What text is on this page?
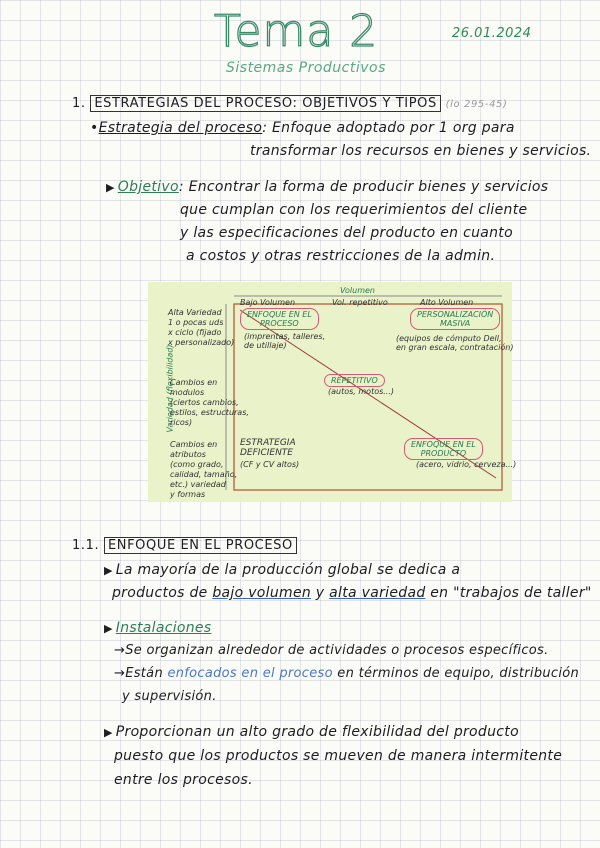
Tema 2
Sistemas Productivos
26.01.2024
1. ESTRATEGIAS DEL PROCESO: OBJETIVOS Y TIPOS (lo 295-45)
•Estrategia del proceso: Enfoque adoptado por 1 org para
transformar los recursos en bienes y servicios.
▶ Objetivo: Encontrar la forma de producir bienes y servicios
que cumplan con los requerimientos del cliente
y las especificaciones del producto en cuanto
a costos y otras restricciones de la admin.
Volumen
Bajo Volumen	Vol. repetitivo	Alto Volumen
Variedad (flexibilidad)
Alta Variedad
1 o pocas uds
x ciclo (fijado
x personalizado)
Cambios en
modulos
(ciertos cambios,
estilos, estructuras,
ricos)
Cambios en
atributos
(como grado,
calidad, tamaño,
etc.) variedad
y formas
ENFOQUE EN EL
PROCESO
(imprentas, talleres,
de utillaje)
PERSONALIZACIÓN
MASIVA
(equipos de cómputo Dell,
en gran escala, contratación)
REPETITIVO
(autos, motos...)
ESTRATEGIA
DEFICIENTE
(CF y CV altos)
ENFOQUE EN EL
PRODUCTO
(acero, vidrio, cerveza...)
1.1. ENFOQUE EN EL PROCESO
▶ La mayoría de la producción global se dedica a
productos de bajo volumen y alta variedad en "trabajos de taller"
▶ Instalaciones
→Se organizan alrededor de actividades o procesos específicos.
→Están enfocados en el proceso en términos de equipo, distribución
y supervisión.
▶ Proporcionan un alto grado de flexibilidad del producto
puesto que los productos se mueven de manera intermitente
entre los procesos.
